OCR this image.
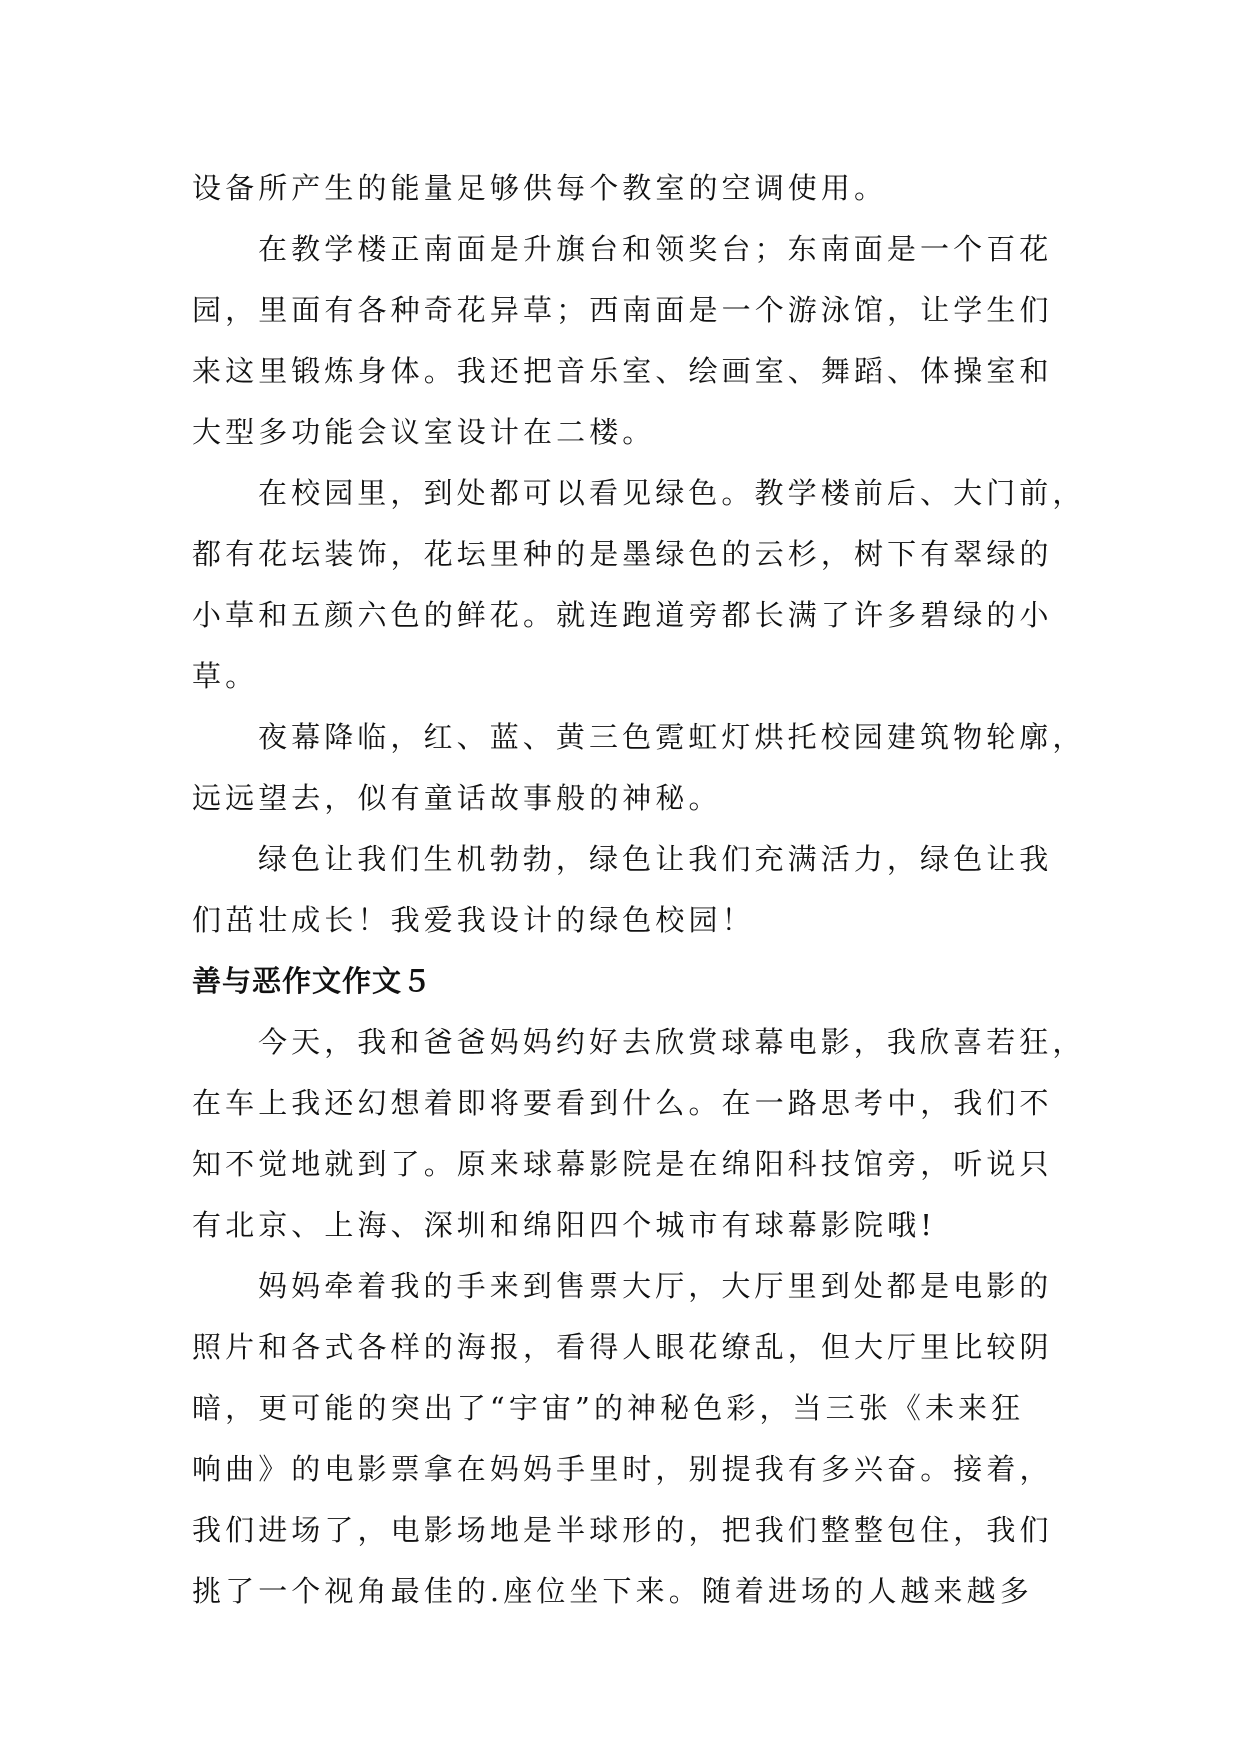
设备所产生的能量足够供每个教室的空调使用。

在教学楼正南面是升旗台和领奖台；东南面是一个百花
园，里面有各种奇花异草；西南面是一个游泳馆，让学生们
来这里锻炼身体。我还把音乐室、绘画室、舞蹈、体操室和
大型多功能会议室设计在二楼。

在校园里，到处都可以看见绿色。教学楼前后、大门前，
都有花坛装饰，花坛里种的是墨绿色的云杉，树下有翠绿的
小草和五颜六色的鲜花。就连跑道旁都长满了许多碧绿的小
草。

夜幕降临，红、蓝、黄三色霓虹灯烘托校园建筑物轮廓，
远远望去，似有童话故事般的神秘。

绿色让我们生机勃勃，绿色让我们充满活力，绿色让我
们茁壮成长！我爱我设计的绿色校园！

善与恶作文作文５

今天，我和爸爸妈妈约好去欣赏球幕电影，我欣喜若狂，
在车上我还幻想着即将要看到什么。在一路思考中，我们不
知不觉地就到了。原来球幕影院是在绵阳科技馆旁，听说只
有北京、上海、深圳和绵阳四个城市有球幕影院哦!

妈妈牵着我的手来到售票大厅，大厅里到处都是电影的
照片和各式各样的海报，看得人眼花缭乱，但大厅里比较阴
暗，更可能的突出了“宇宙”的神秘色彩，当三张《未来狂
响曲》的电影票拿在妈妈手里时，别提我有多兴奋。接着，
我们进场了，电影场地是半球形的，把我们整整包住，我们
挑了一个视角最佳的.座位坐下来。随着进场的人越来越多
